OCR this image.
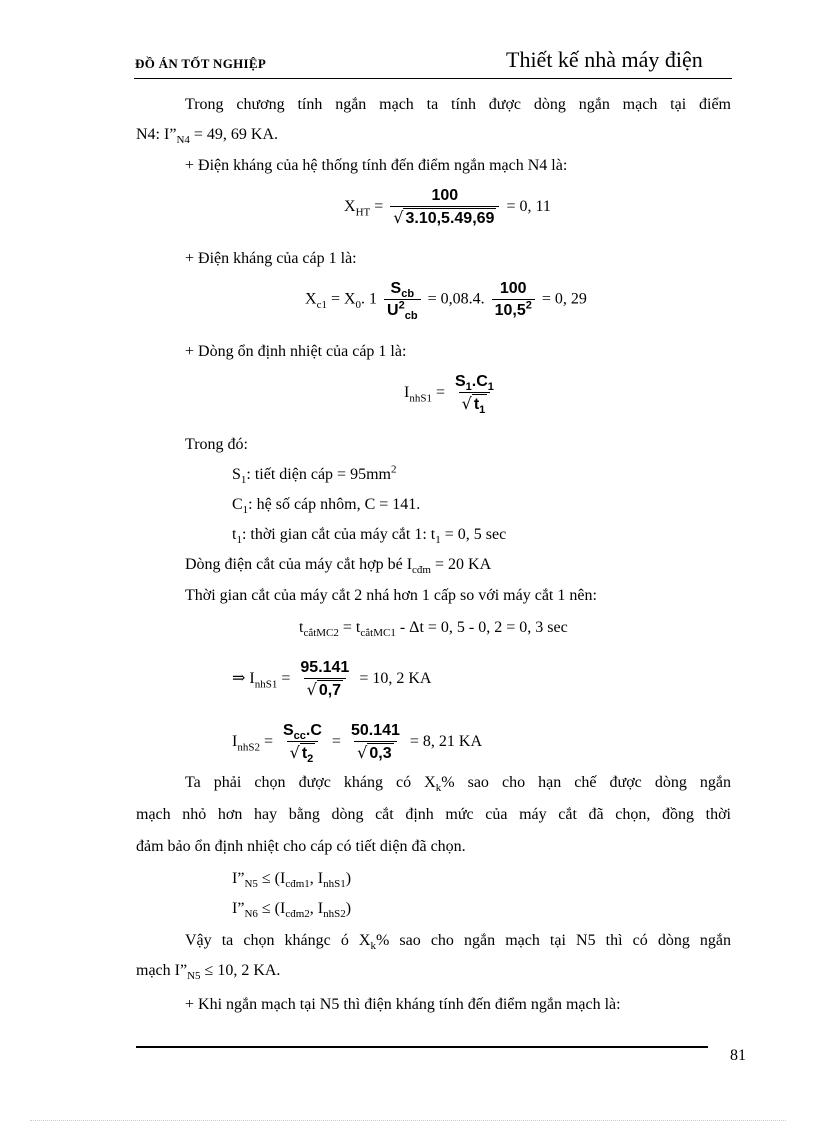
ĐỒ ÁN TỐT NGHIỆP	Thiết kế nhà máy điện
Trong chương tính ngắn mạch ta tính được dòng ngắn mạch tại điểm
N4: $I”_{N4} = 49$, 69 KA.
+ Điện kháng của hệ thống tính đến điểm ngắn mạch N4 là:
$X_{HT} = \frac{100}{√ 3.10,5.49,69} = 0$, 11
+ Điện kháng của cáp 1 là:
$X_{c1} = X_0$. $1 \frac{S_{cb}}{U^2_{cb}} = 0,08.4$. $\frac{100}{10,5^2} = 0$, 29
+ Dòng ổn định nhiệt của cáp 1 là:
$I_{nhS1} = \frac{S_1.C_1}{√ t_1}$
Trong đó:
$S_1$: tiết diện cáp = $95mm^2$
$C_1$: hệ số cáp nhôm, C = 141.
$t_1$: thời gian cắt của máy cắt 1: $t_1 = 0$, 5 sec
Dòng điện cắt của máy cắt hợp bé $I_{cđm} = 20$ KA
Thời gian cắt của máy cắt 2 nhá hơn 1 cấp so với máy cắt 1 nên:
$t_{cắtMC2} = t_{cắtMC1} - \Delta t = 0$, 5 - 0, 2 = 0, 3 sec
⇒ $I_{nhS1} = \frac{95.141}{√ 0,7} = 10$, 2 KA
$I_{nhS2} = \frac{S_{cc}.C}{√ t_2} = \frac{50.141}{√ 0,3} = 8$, 21 KA
Ta phải chọn được kháng có $X_k\%$ sao cho hạn chế được dòng ngắn
mạch nhỏ hơn hay bằng dòng cắt định mức của máy cắt đã chọn, đồng thời
đảm bảo ổn định nhiệt cho cáp có tiết diện đã chọn.
$I”_{N5} \le (I_{cđm1}$, $I_{nhS1}$)
$I”_{N6} \le (I_{cđm2}$, $I_{nhS2}$)
Vậy ta chọn khángc ó $X_k\%$ sao cho ngắn mạch tại N5 thì có dòng ngắn
mạch $I”_{N5} \le 10$, 2 KA.
+ Khi ngắn mạch tại N5 thì điện kháng tính đến điểm ngắn mạch là:
81
